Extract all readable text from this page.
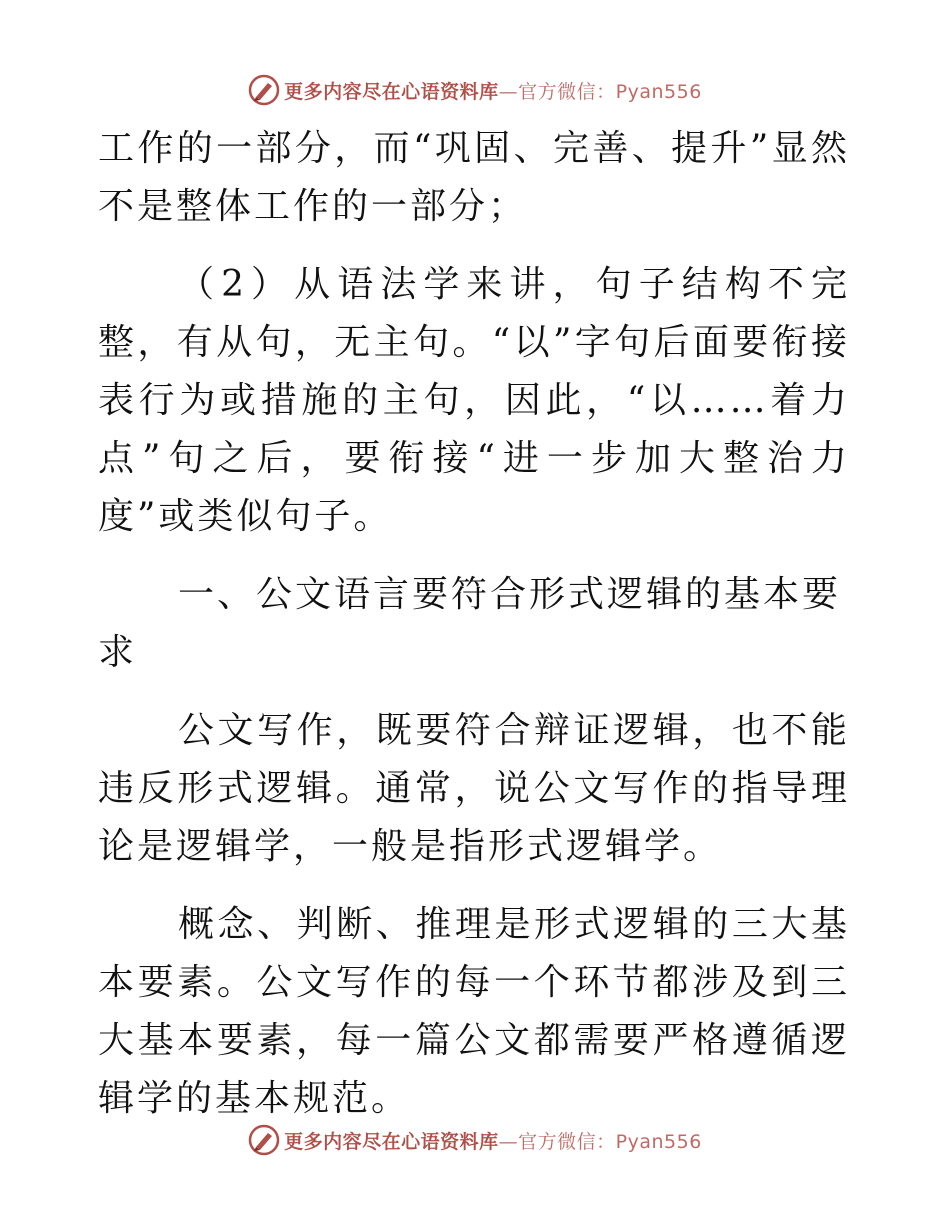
更多内容尽在心语资料库—官方微信：Pyan556

工作的一部分，而“巩固、完善、提升”显然不是整体工作的一部分；

（2）从语法学来讲，句子结构不完整，有从句，无主句。“以”字句后面要衔接表行为或措施的主句，因此，“以……着力点”句之后，要衔接“进一步加大整治力度”或类似句子。

一、公文语言要符合形式逻辑的基本要求

公文写作，既要符合辩证逻辑，也不能违反形式逻辑。通常，说公文写作的指导理论是逻辑学，一般是指形式逻辑学。

概念、判断、推理是形式逻辑的三大基本要素。公文写作的每一个环节都涉及到三大基本要素，每一篇公文都需要严格遵循逻辑学的基本规范。

更多内容尽在心语资料库—官方微信：Pyan556
